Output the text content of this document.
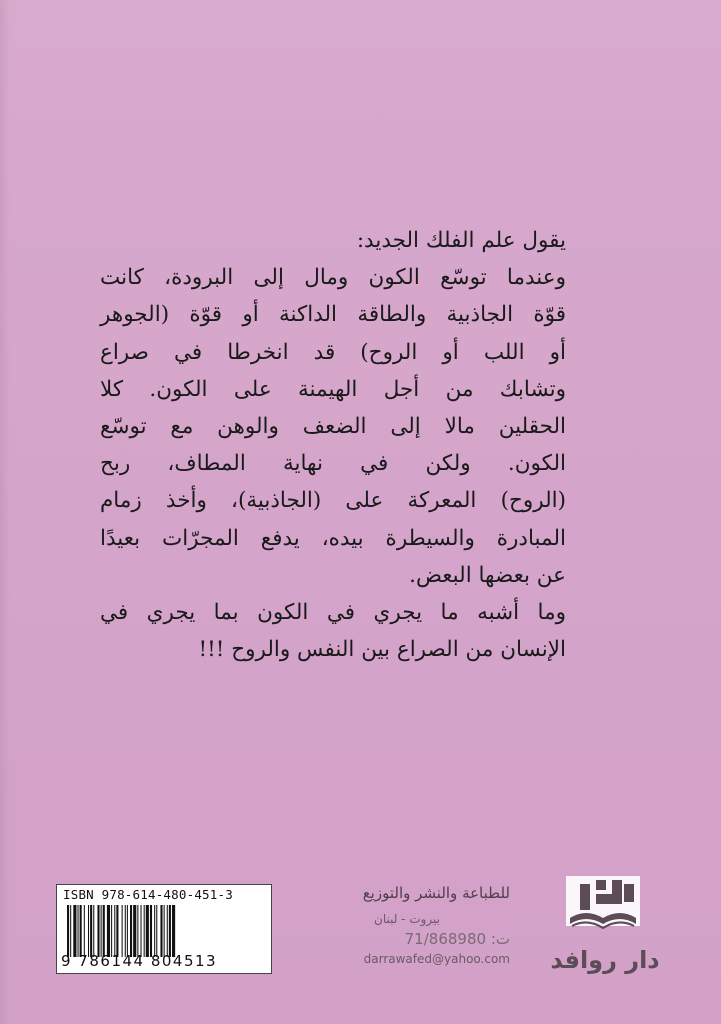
يقول علم الفلك الجديد:
وعندما توسّع الكون ومال إلى البرودة، كانت
قوّة الجاذبية والطاقة الداكنة أو قوّة (الجوهر
أو اللب أو الروح) قد انخرطا في صراع
وتشابك من أجل الهيمنة على الكون. كلا
الحقلين مالا إلى الضعف والوهن مع توسّع
الكون. ولكن في نهاية المطاف، ربح
(الروح) المعركة على (الجاذبية)، وأخذ زمام
المبادرة والسيطرة بيده، يدفع المجرّات بعيدًا
عن بعضها البعض.
وما أشبه ما يجري في الكون بما يجري في
الإنسان من الصراع بين النفس والروح !!!
ISBN 978-614-480-451-3
9 786144 804513
للطباعة والنشر والتوزيع
بيروت - لبنان
ت: 71/868980
darrawafed@yahoo.com	دار روافد
